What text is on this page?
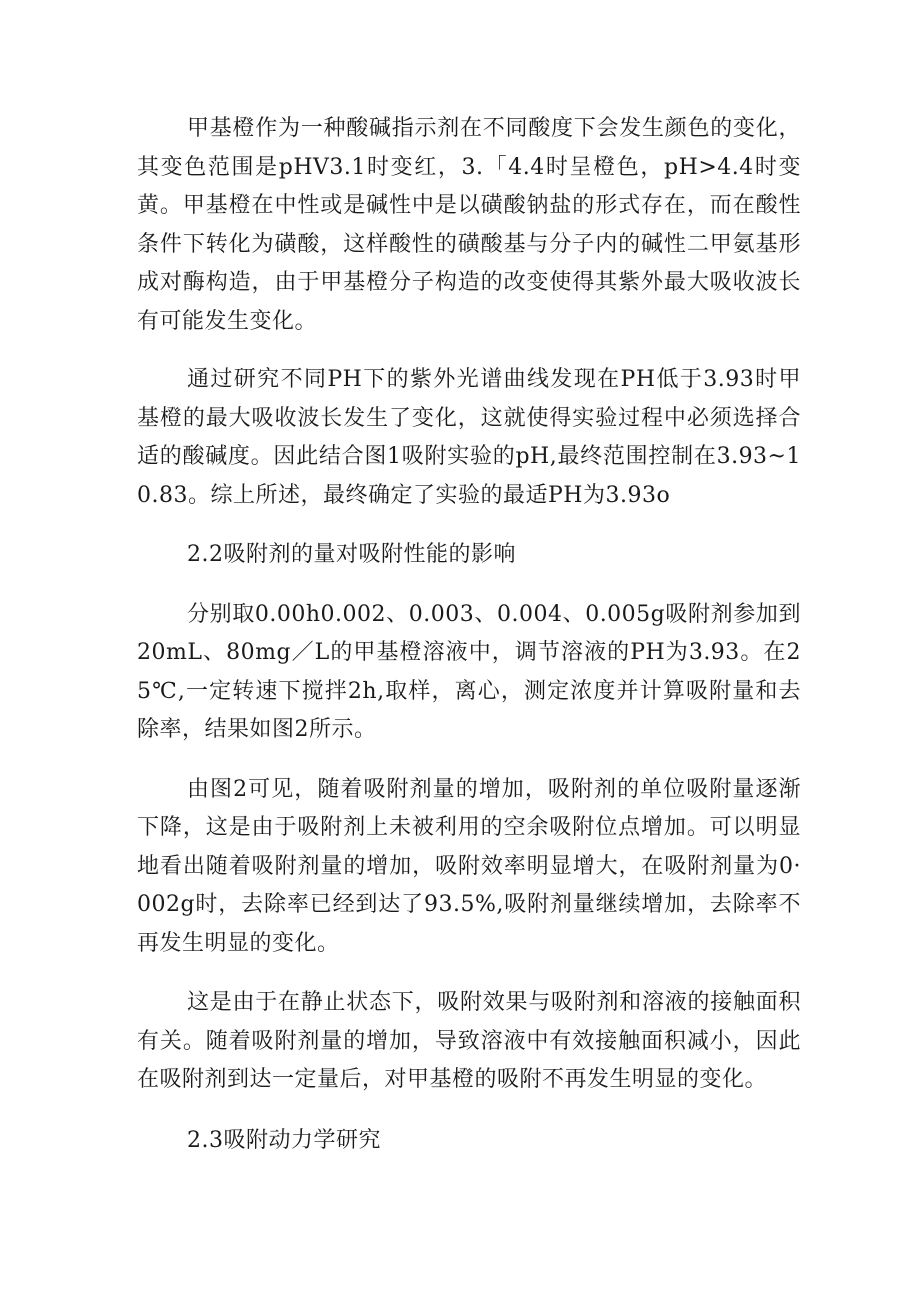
甲基橙作为一种酸碱指示剂在不同酸度下会发生颜色的变化，其变色范围是pHV3.1时变红，3.「4.4时呈橙色，pH>4.4时变黄。甲基橙在中性或是碱性中是以磺酸钠盐的形式存在，而在酸性条件下转化为磺酸，这样酸性的磺酸基与分子内的碱性二甲氨基形成对酶构造，由于甲基橙分子构造的改变使得其紫外最大吸收波长有可能发生变化。

通过研究不同PH下的紫外光谱曲线发现在PH低于3.93时甲基橙的最大吸收波长发生了变化，这就使得实验过程中必须选择合适的酸碱度。因此结合图1吸附实验的pH,最终范围控制在3.93~10.83。综上所述，最终确定了实验的最适PH为3.93o

2.2吸附剂的量对吸附性能的影响

分别取0.00h0.002、0.003、0.004、0.005g吸附剂参加到20mL、80mg／L的甲基橙溶液中，调节溶液的PH为3.93。在25℃,一定转速下搅拌2h,取样，离心，测定浓度并计算吸附量和去除率，结果如图2所示。

由图2可见，随着吸附剂量的增加，吸附剂的单位吸附量逐渐下降，这是由于吸附剂上未被利用的空余吸附位点增加。可以明显地看出随着吸附剂量的增加，吸附效率明显增大，在吸附剂量为0·002g时，去除率已经到达了93.5%,吸附剂量继续增加，去除率不再发生明显的变化。

这是由于在静止状态下，吸附效果与吸附剂和溶液的接触面积有关。随着吸附剂量的增加，导致溶液中有效接触面积减小，因此在吸附剂到达一定量后，对甲基橙的吸附不再发生明显的变化。

2.3吸附动力学研究
